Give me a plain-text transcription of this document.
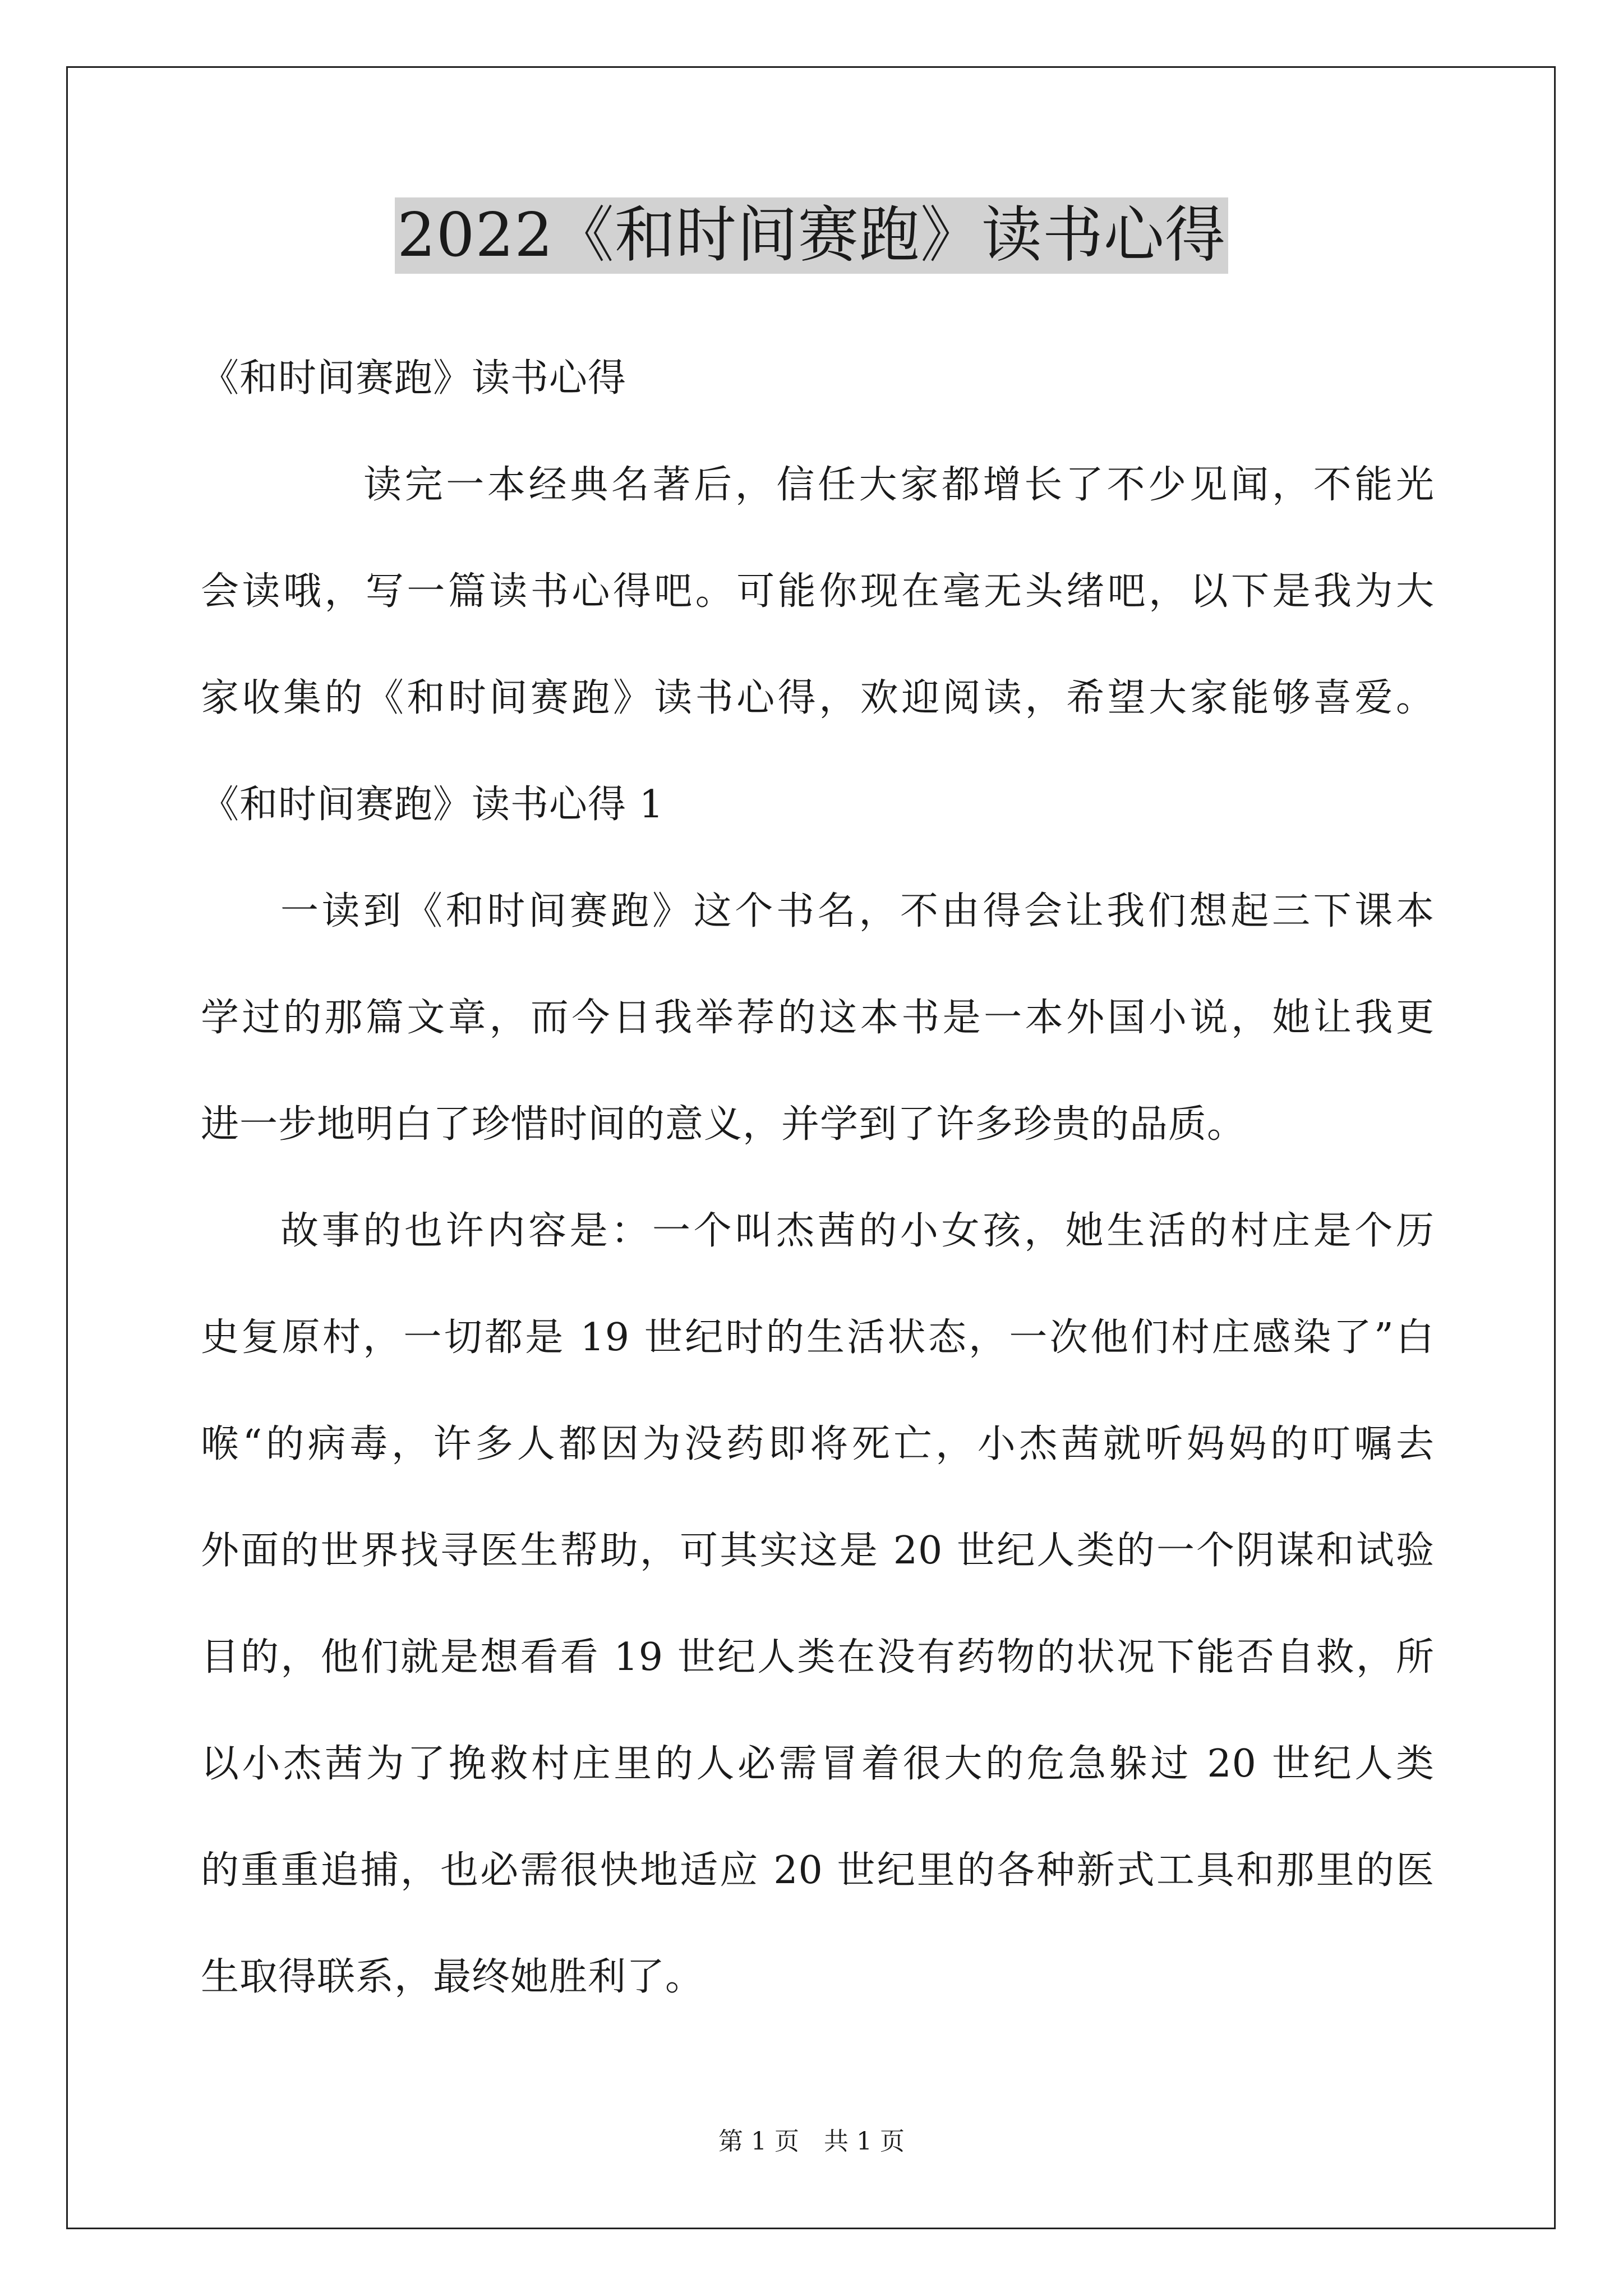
2022《和时间赛跑》读书心得
《和时间赛跑》读书心得
读完一本经典名著后，信任大家都增长了不少见闻，不能光
会读哦，写一篇读书心得吧。可能你现在毫无头绪吧，以下是我为大
家收集的《和时间赛跑》读书心得，欢迎阅读，希望大家能够喜爱。
《和时间赛跑》读书心得 1
一读到《和时间赛跑》这个书名，不由得会让我们想起三下课本
学过的那篇文章，而今日我举荐的这本书是一本外国小说，她让我更
进一步地明白了珍惜时间的意义，并学到了许多珍贵的品质。
故事的也许内容是：一个叫杰茜的小女孩，她生活的村庄是个历
史复原村，一切都是 19 世纪时的生活状态，一次他们村庄感染了”白
喉“的病毒，许多人都因为没药即将死亡，小杰茜就听妈妈的叮嘱去
外面的世界找寻医生帮助，可其实这是 20 世纪人类的一个阴谋和试验
目的，他们就是想看看 19 世纪人类在没有药物的状况下能否自救，所
以小杰茜为了挽救村庄里的人必需冒着很大的危急躲过 20 世纪人类
的重重追捕，也必需很快地适应 20 世纪里的各种新式工具和那里的医
生取得联系，最终她胜利了。
第 1 页　共 1 页
